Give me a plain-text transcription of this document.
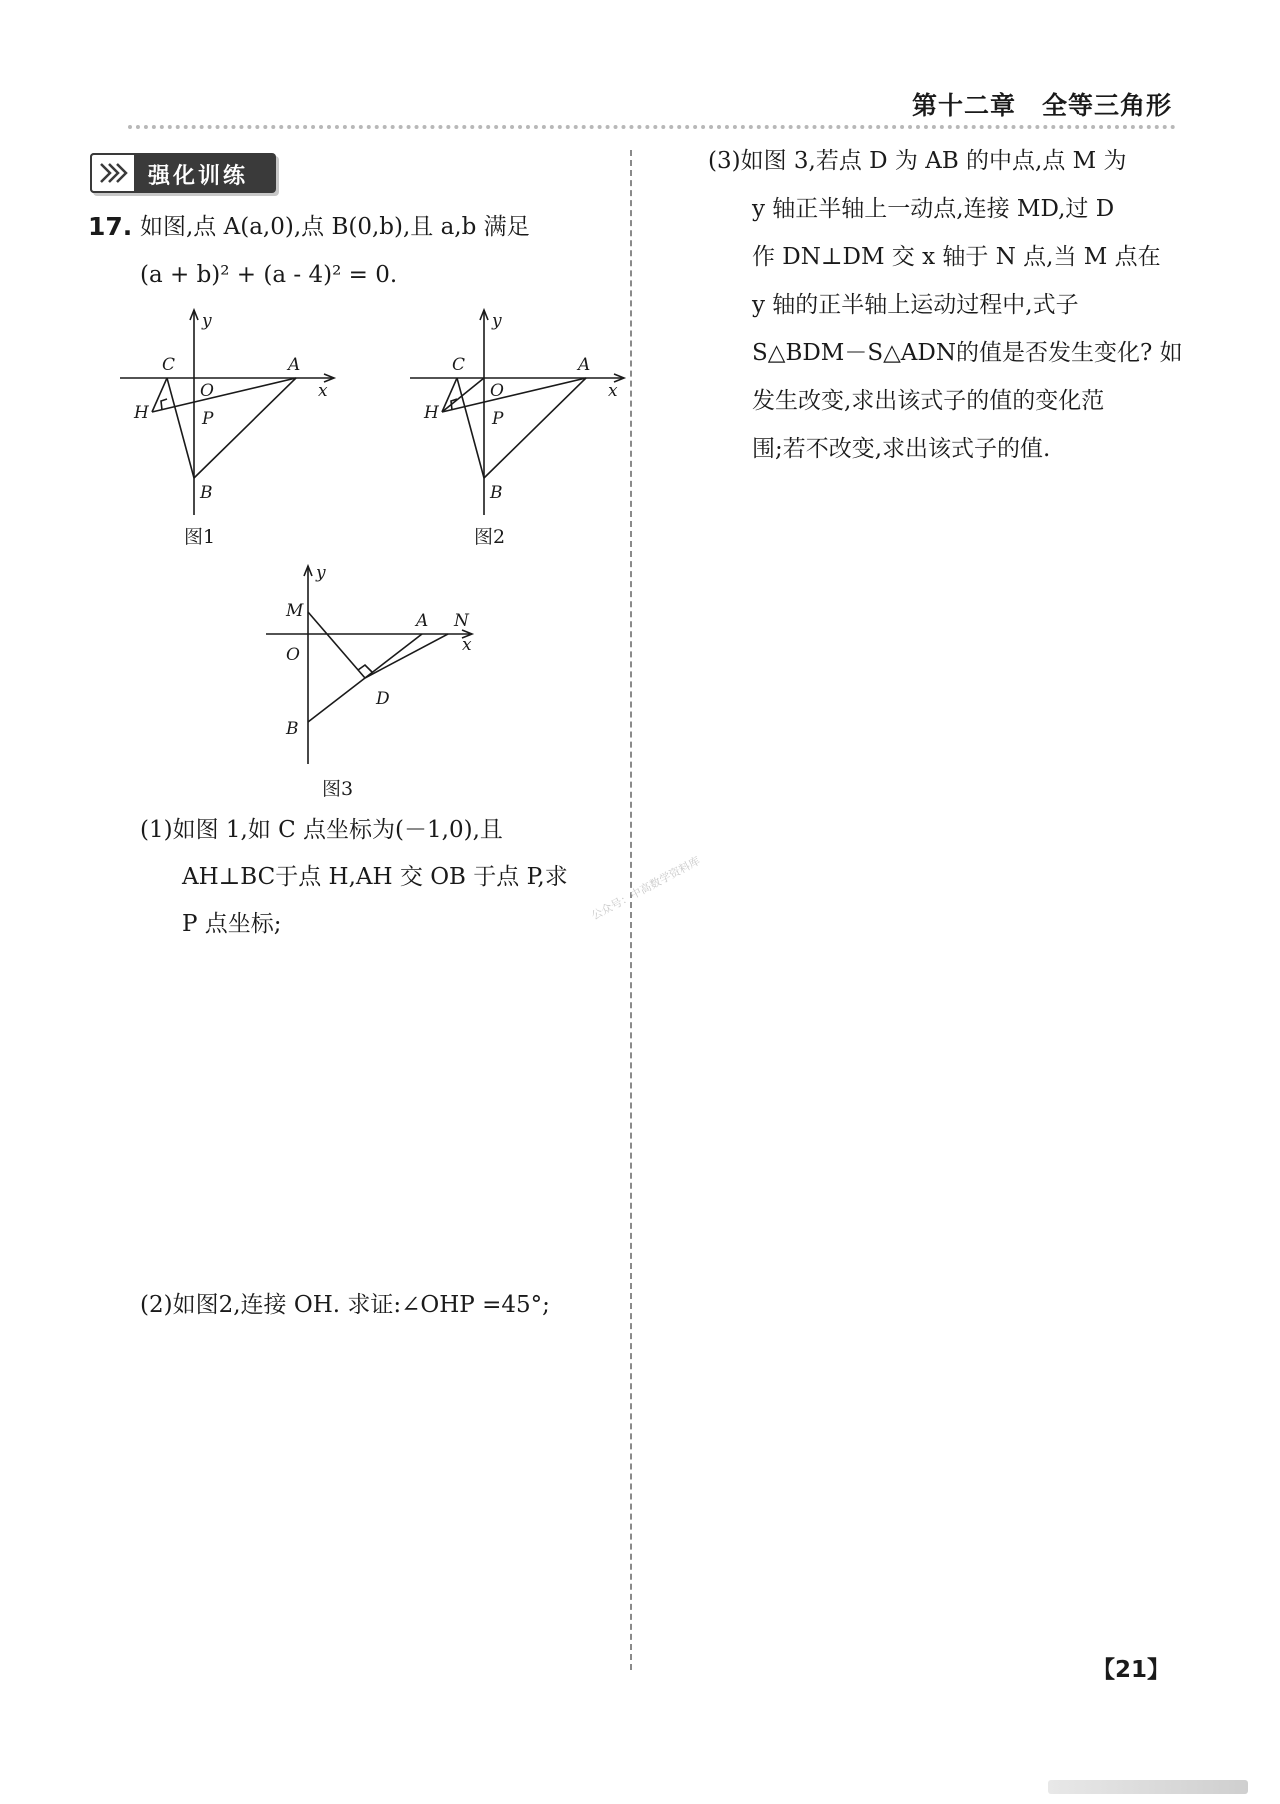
第十二章　全等三角形
强化训练
17. 如图,点 A(a,0),点 B(0,b),且 a,b 满足
(a + b)² + (a - 4)² = 0.
y
C	A
x
O
H	P
B
图1
y
C	A
x
O
H	P
B
图2
y
M	A N
x
O
D
B
图3
(1)如图 1,如 C 点坐标为(－1,0),且
AH⊥BC于点 H,AH 交 OB 于点 P,求
P 点坐标;
公众号：中高数学资料库
(2)如图2,连接 OH. 求证:∠OHP =45°;
(3)如图 3,若点 D 为 AB 的中点,点 M 为
y 轴正半轴上一动点,连接 MD,过 D
作 DN⊥DM 交 x 轴于 N 点,当 M 点在
y 轴的正半轴上运动过程中,式子
S△BDM－S△ADN的值是否发生变化? 如
发生改变,求出该式子的值的变化范
围;若不改变,求出该式子的值.
【21】
